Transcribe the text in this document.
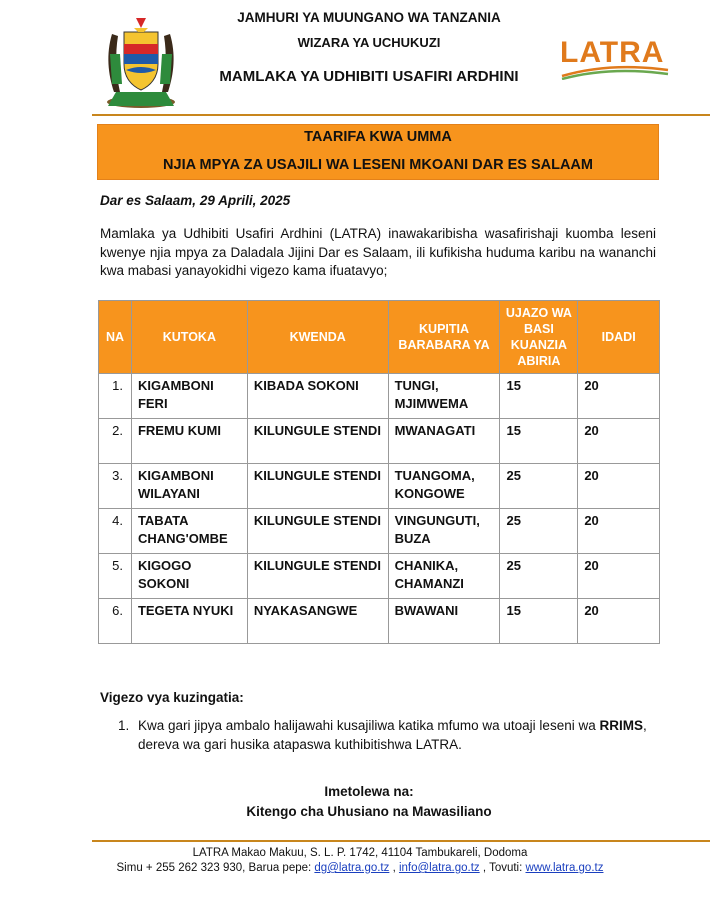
JAMHURI YA MUUNGANO WA TANZANIA
WIZARA YA UCHUKUZI
MAMLAKA YA UDHIBITI USAFIRI ARDHINI
LATRA
TAARIFA KWA UMMA
NJIA MPYA ZA USAJILI WA LESENI MKOANI DAR ES SALAAM
Dar es Salaam, 29 Aprili, 2025
Mamlaka ya Udhibiti Usafiri Ardhini (LATRA) inawakaribisha wasafirishaji kuomba leseni kwenye njia mpya za Daladala Jijini Dar es Salaam, ili kufikisha huduma karibu na wananchi kwa mabasi yanayokidhi vigezo kama ifuatavyo;
NA	KUTOKA	KWENDA	KUPITIA BARABARA YA	UJAZO WA BASI KUANZIA ABIRIA	IDADI
1.	KIGAMBONI FERI	KIBADA SOKONI	TUNGI, MJIMWEMA	15	20
2.	FREMU KUMI	KILUNGULE STENDI	MWANAGATI	15	20
3.	KIGAMBONI WILAYANI	KILUNGULE STENDI	TUANGOMA, KONGOWE	25	20
4.	TABATA CHANG'OMBE	KILUNGULE STENDI	VINGUNGUTI, BUZA	25	20
5.	KIGOGO SOKONI	KILUNGULE STENDI	CHANIKA, CHAMANZI	25	20
6.	TEGETA NYUKI	NYAKASANGWE	BWAWANI	15	20
Vigezo vya kuzingatia:
1. Kwa gari jipya ambalo halijawahi kusajiliwa katika mfumo wa utoaji leseni wa RRIMS, dereva wa gari husika atapaswa kuthibitishwa LATRA.
Imetolewa na:
Kitengo cha Uhusiano na Mawasiliano
LATRA Makao Makuu, S. L. P. 1742, 41104 Tambukareli, Dodoma
Simu + 255 262 323 930, Barua pepe: dg@latra.go.tz , info@latra.go.tz , Tovuti: www.latra.go.tz
